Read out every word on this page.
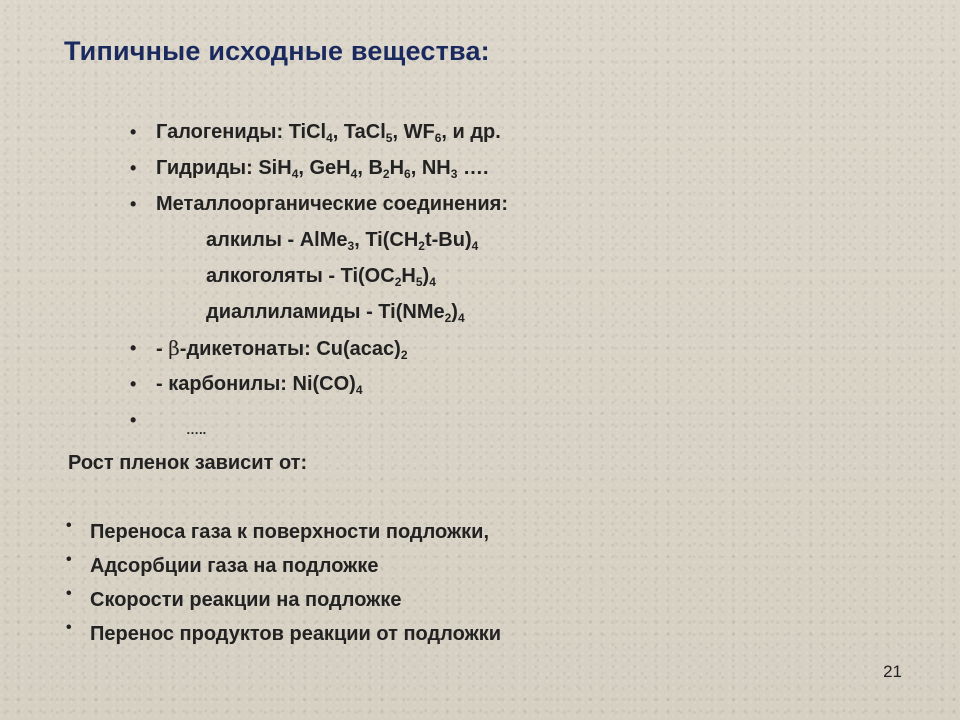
Типичные исходные вещества:
• Галогениды: TiCl$_4$, TaCl$_5$, $WF_6$, и др.
• Гидриды: SiH$_4$, GeH$_4$, $B_2H_6$, $NH_3$ ….
• Металлоорганические соединения:
алкилы - AlMe$_3$, $Ti(CH_2t-Bu)_4$
алкоголяты - $Ti(OC_2H_5)_4$
диаллиламиды - $Ti(NMe_2)_4$
• - β-дикетонаты: $Cu(acac)_2$
• - карбонилы: $Ni(CO)_4$
•	…..
Рост пленок зависит от:
• Переноса газа к поверхности подложки,
• Адсорбции газа на подложке
• Скорости реакции на подложке
• Перенос продуктов реакции от подложки
21
